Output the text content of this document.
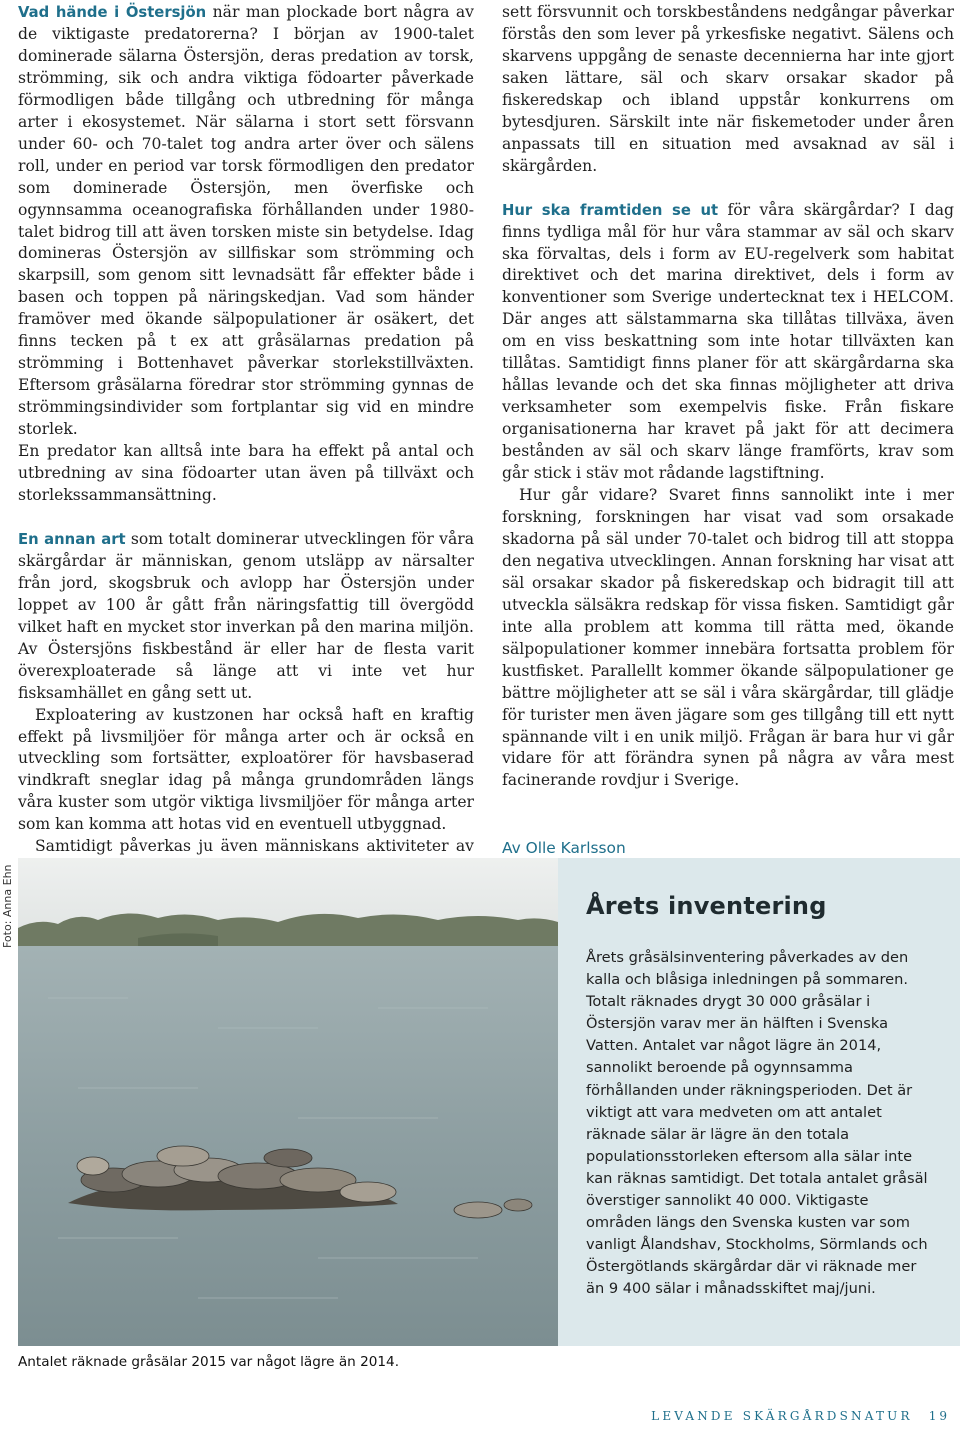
Vad hände i Östersjön när man plockade bort några av de viktigaste predatorerna? I början av 1900-talet dominerade sälarna Östersjön, deras predation av torsk, strömming, sik och andra viktiga födoarter påverkade förmodligen både tillgång och utbredning för många arter i ekosystemet. När sälarna i stort sett försvann under 60- och 70-talet tog andra arter över och sälens roll, under en period var torsk förmodligen den predator som dominerade Östersjön, men överfiske och ogynnsamma oceanografiska förhållanden under 1980-talet bidrog till att även torsken miste sin betydelse. Idag domineras Östersjön av sillfiskar som strömming och skarpsill, som genom sitt levnadsätt får effekter både i basen och toppen på näringskedjan. Vad som händer framöver med ökande sälpopulationer är osäkert, det finns tecken på t ex att gråsälarnas predation på strömming i Bottenhavet påverkar storlekstillväxten. Eftersom gråsälarna föredrar stor strömming gynnas de strömmingsindivider som fortplantar sig vid en mindre storlek.

En predator kan alltså inte bara ha effekt på antal och utbredning av sina födoarter utan även på tillväxt och storlekssammansättning.

En annan art som totalt dominerar utvecklingen för våra skärgårdar är människan, genom utsläpp av närsalter från jord, skogsbruk och avlopp har Östersjön under loppet av 100 år gått från näringsfattig till övergödd vilket haft en mycket stor inverkan på den marina miljön. Av Östersjöns fiskbestånd är eller har de flesta varit överexploaterade så länge att vi inte vet hur fisksamhället en gång sett ut.

Exploatering av kustzonen har också haft en kraftig effekt på livsmiljöer för många arter och är också en utveckling som fortsätter, exploatörer för havsbaserad vindkraft sneglar idag på många grundområden längs våra kuster som utgör viktiga livsmiljöer för många arter som kan komma att hotas vid en eventuell utbyggnad.

Samtidigt påverkas ju även människans aktiviteter av

sett försvunnit och torskbeståndens nedgångar påverkar förstås den som lever på yrkesfiske negativt. Sälens och skarvens uppgång de senaste decennierna har inte gjort saken lättare, säl och skarv orsakar skador på fiskeredskap och ibland uppstår konkurrens om bytesdjuren. Särskilt inte när fiskemetoder under åren anpassats till en situation med avsaknad av säl i skärgården.

Hur ska framtiden se ut för våra skärgårdar? I dag finns tydliga mål för hur våra stammar av säl och skarv ska förvaltas, dels i form av EU-regelverk som habitat direktivet och det marina direktivet, dels i form av konventioner som Sverige undertecknat tex i HELCOM. Där anges att sälstammarna ska tillåtas tillväxa, även om en viss beskattning som inte hotar tillväxten kan tillåtas. Samtidigt finns planer för att skärgårdarna ska hållas levande och det ska finnas möjligheter att driva verksamheter som exempelvis fiske. Från fiskare organisationerna har kravet på jakt för att decimera bestånden av säl och skarv länge framförts, krav som går stick i stäv mot rådande lagstiftning.

Hur går vidare? Svaret finns sannolikt inte i mer forskning, forskningen har visat vad som orsakade skadorna på säl under 70-talet och bidrog till att stoppa den negativa utvecklingen. Annan forskning har visat att säl orsakar skador på fiskeredskap och bidragit till att utveckla sälsäkra redskap för vissa fisken. Samtidigt går inte alla problem att komma till rätta med, ökande sälpopulationer kommer innebära fortsatta problem för kustfisket. Parallellt kommer ökande sälpopulationer ge bättre möjligheter att se säl i våra skärgårdar, till glädje för turister men även jägare som ges tillgång till ett nytt spännande vilt i en unik miljö. Frågan är bara hur vi går vidare för att förändra synen på några av våra mest facinerande rovdjur i Sverige.

Av Olle Karlsson
Foto: Anna Ehn
Antalet räknade gråsälar 2015 var något lägre än 2014.
Årets inventering
Årets gråsälsinventering påverkades av den kalla och blåsiga inledningen på sommaren. Totalt räknades drygt 30 000 gråsälar i Östersjön varav mer än hälften i Svenska Vatten. Antalet var något lägre än 2014, sannolikt beroende på ogynnsamma förhållanden under räkningsperioden. Det är viktigt att vara medveten om att antalet räknade sälar är lägre än den totala populationsstorleken eftersom alla sälar inte kan räknas samtidigt. Det totala antalet gråsäl överstiger sannolikt 40 000. Viktigaste områden längs den Svenska kusten var som vanligt Ålandshav, Stockholms, Sörmlands och Östergötlands skärgårdar där vi räknade mer än 9 400 sälar i månadsskiftet maj/juni.
LEVANDE SKÄRGÅRDSNATUR 19
